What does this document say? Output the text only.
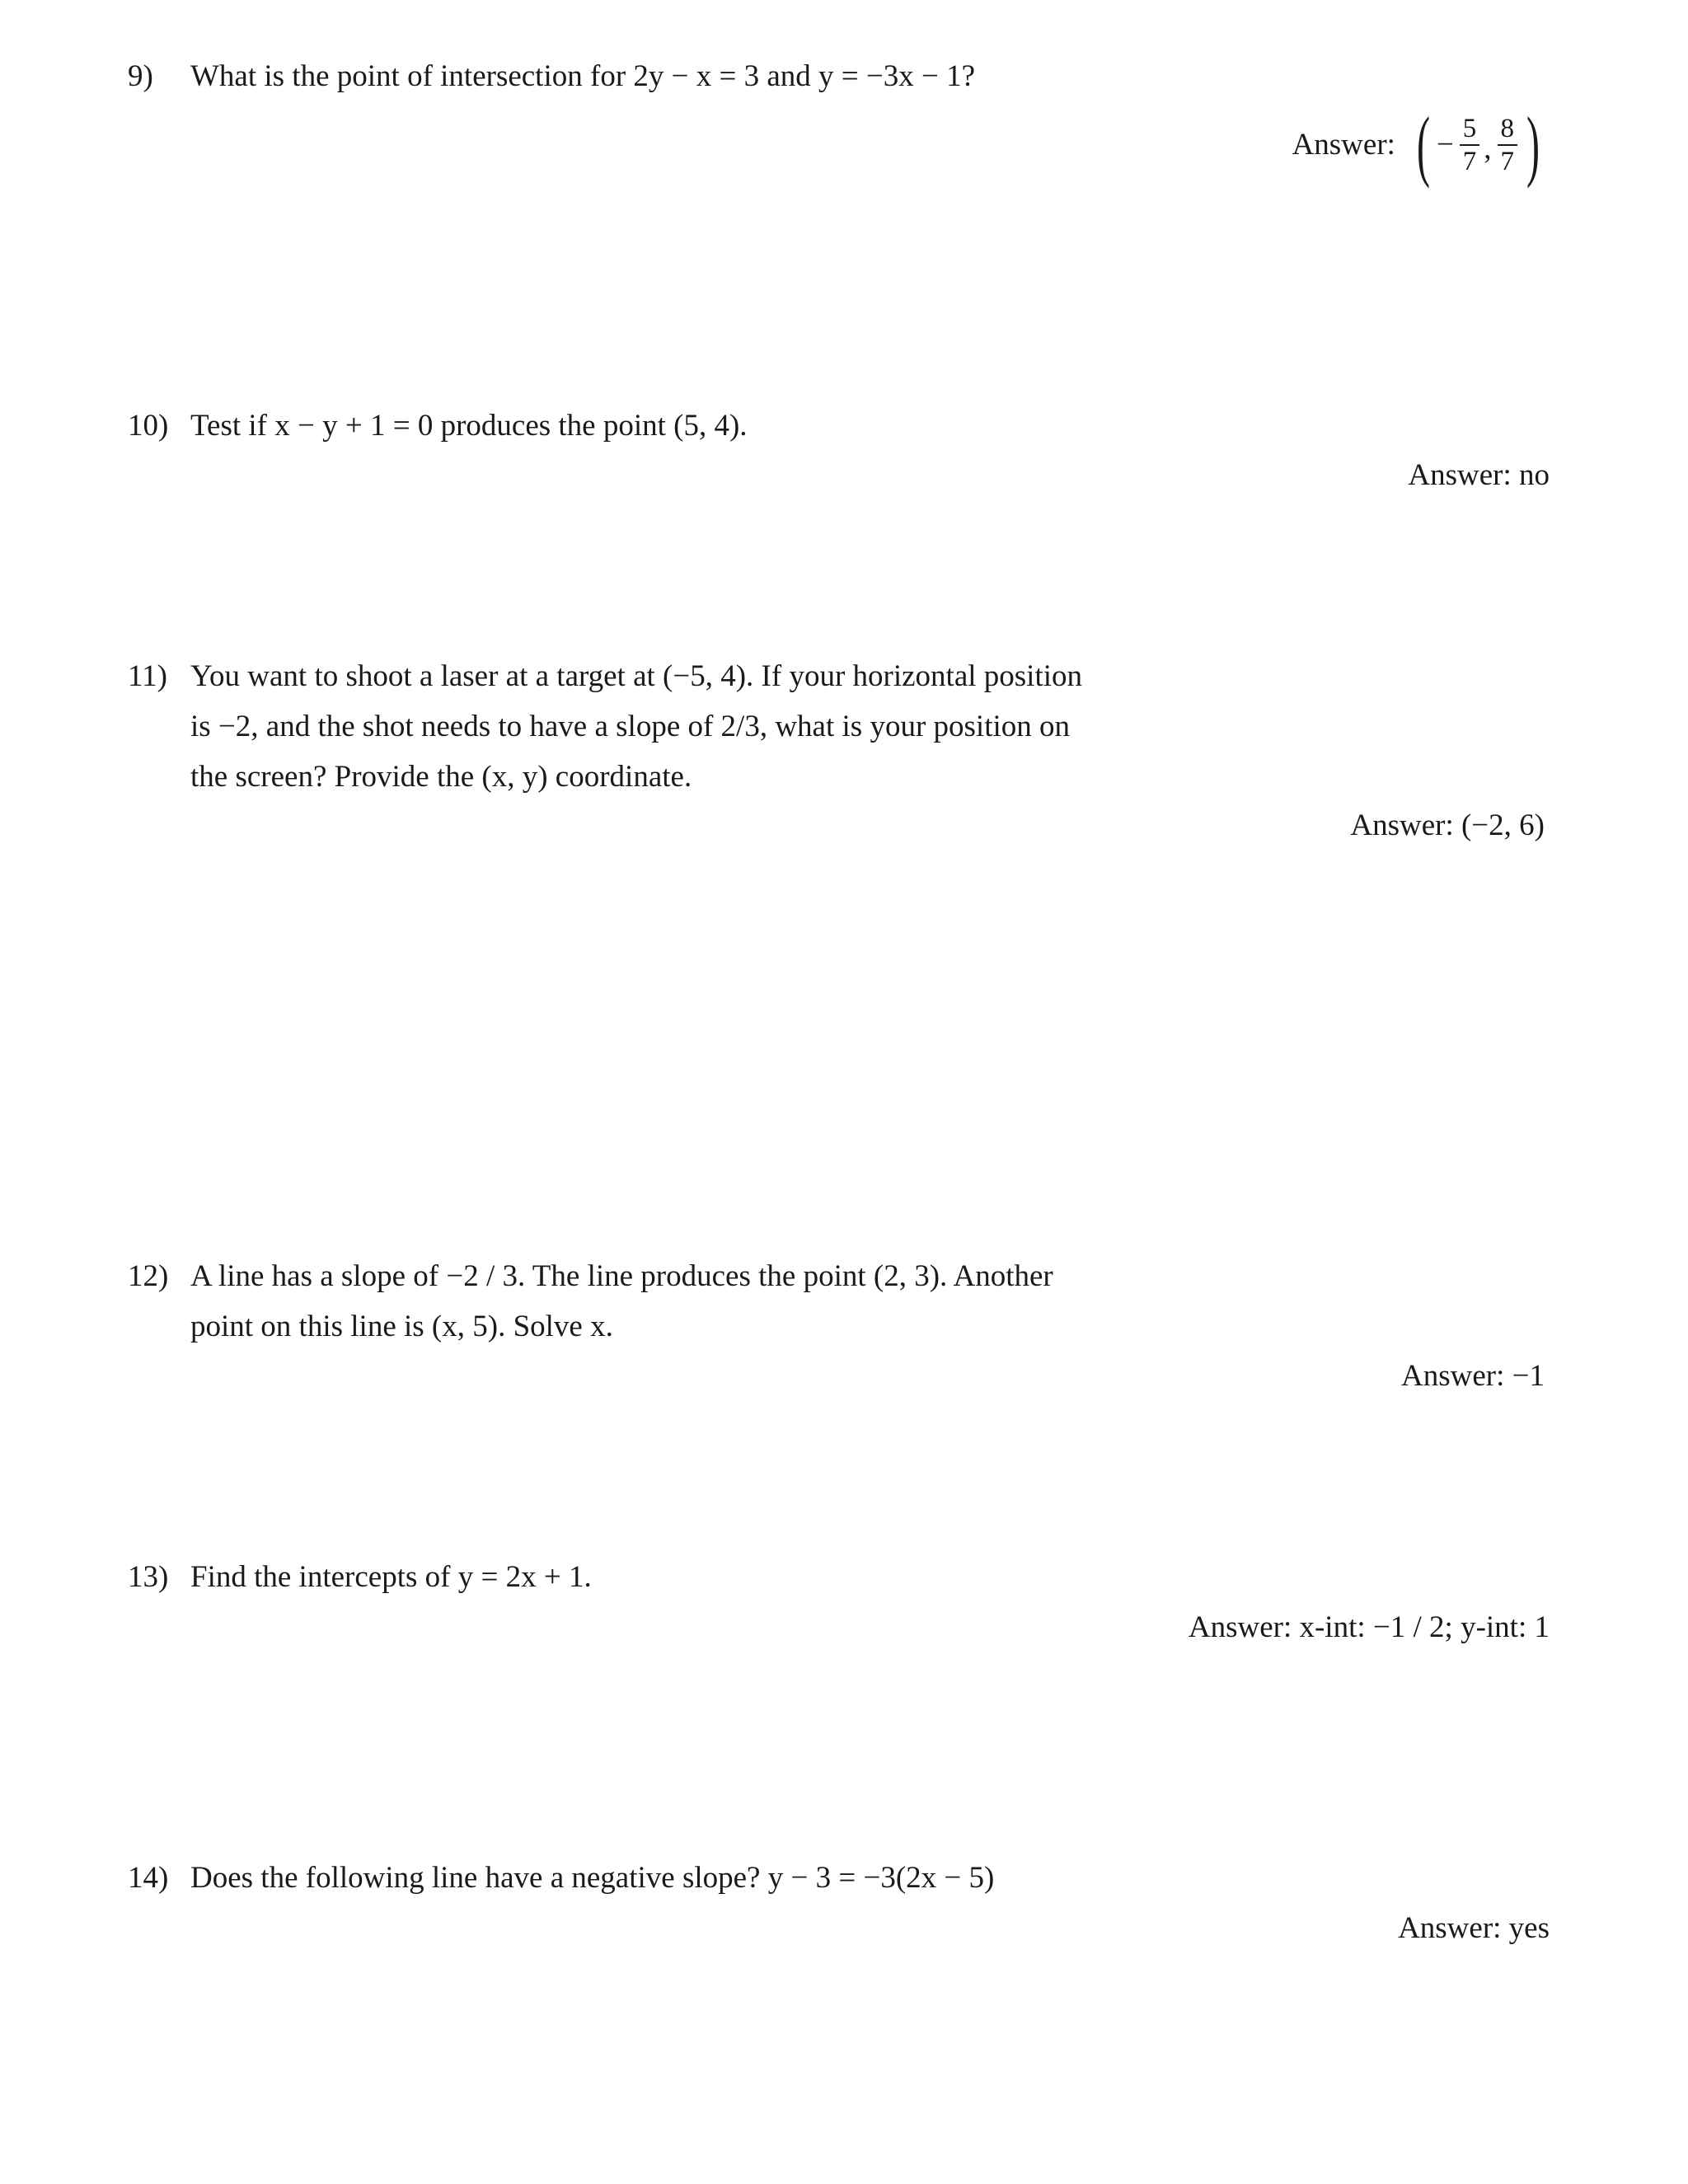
9) What is the point of intersection for 2y − x = 3 and y = −3x − 1?
Answer: ( − $\frac{5}{7}$ , $\frac{8}{7}$ )
10) Test if x − y + 1 = 0 produces the point (5, 4).
Answer: no
11) You want to shoot a laser at a target at (−5, 4). If your horizontal position
is −2, and the shot needs to have a slope of 2/3, what is your position on
the screen? Provide the (x, y) coordinate.
Answer: (−2, 6)
12) A line has a slope of −2 / 3. The line produces the point (2, 3). Another
point on this line is (x, 5). Solve x.
Answer: −1
13) Find the intercepts of y = 2x + 1.
Answer: x-int: −1 / 2; y-int: 1
14) Does the following line have a negative slope? y − 3 = −3(2x − 5)
Answer: yes
